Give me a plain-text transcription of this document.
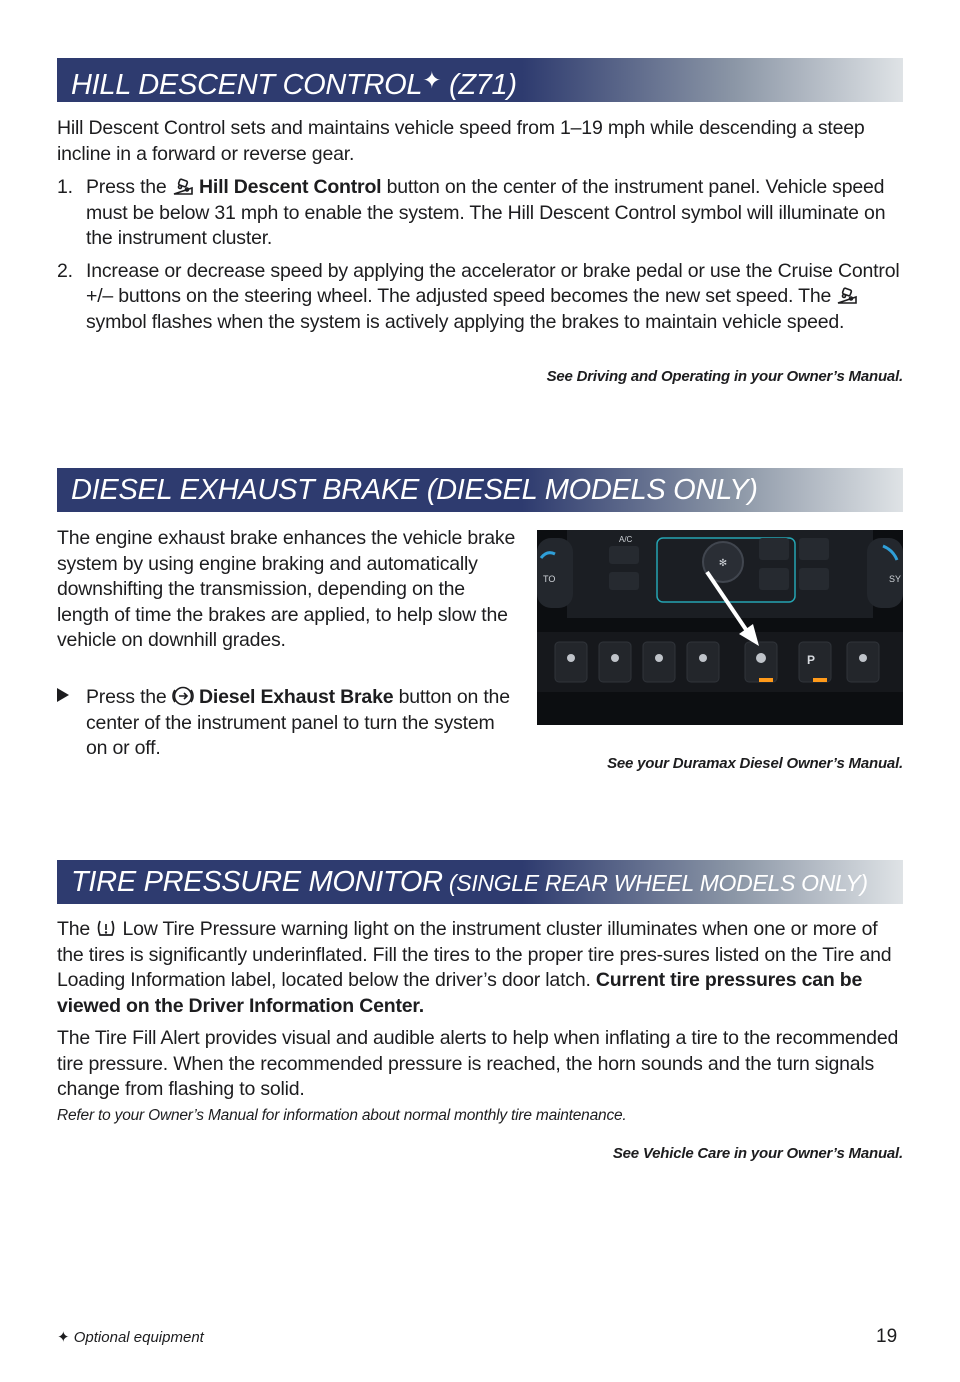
HILL DESCENT CONTROL✦ (Z71)

Hill Descent Control sets and maintains vehicle speed from 1–19 mph while descending a steep incline in a forward or reverse gear.

1. Press the  Hill Descent Control button on the center of the instrument panel. Vehicle speed must be below 31 mph to enable the system. The Hill Descent Control symbol will illuminate on the instrument cluster.
2. Increase or decrease speed by applying the accelerator or brake pedal or use the Cruise Control +/– buttons on the steering wheel. The adjusted speed becomes the new set speed. The  symbol flashes when the system is actively applying the brakes to maintain vehicle speed.
See Driving and Operating in your Owner’s Manual.
DIESEL EXHAUST BRAKE (DIESEL MODELS ONLY)

The engine exhaust brake enhances the vehicle brake system by using engine braking and automatically downshifting the transmission, depending on the length of time the brakes are applied, to help slow the vehicle on downhill grades.

Press the  Diesel Exhaust Brake button on the center of the instrument panel to turn the system on or off.

✻
A/C
TO	SY
P
See your Duramax Diesel Owner’s Manual.
TIRE PRESSURE MONITOR (SINGLE REAR WHEEL MODELS ONLY)

The  Low Tire Pressure warning light on the instrument cluster illuminates when one or more of the tires is significantly underinflated. Fill the tires to the proper tire pres-sures listed on the Tire and Loading Information label, located below the driver’s door latch. Current tire pressures can be viewed on the Driver Information Center.

The Tire Fill Alert provides visual and audible alerts to help when inflating a tire to the recommended tire pressure. When the recommended pressure is reached, the horn sounds and the turn signals change from flashing to solid.

Refer to your Owner’s Manual for information about normal monthly tire maintenance.
See Vehicle Care in your Owner’s Manual.
✦ Optional equipment	19
